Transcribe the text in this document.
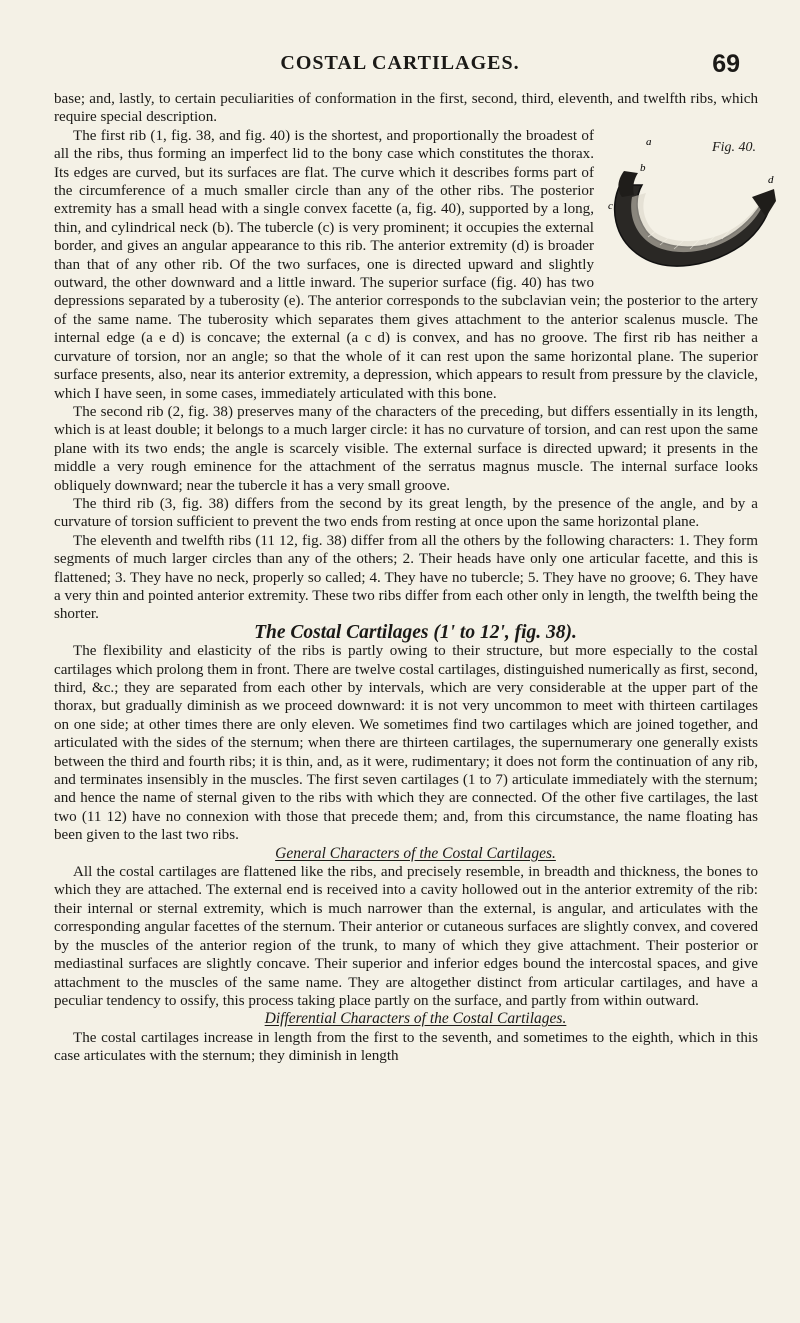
COSTAL CARTILAGES.	69

base; and, lastly, to certain peculiarities of conformation in the first, second, third, eleventh, and twelfth ribs, which require special description.

a
b
c
d
e
Fig. 40.

The first rib (1, fig. 38, and fig. 40) is the shortest, and proportionally the broadest of all the ribs, thus forming an imperfect lid to the bony case which constitutes the thorax. Its edges are curved, but its surfaces are flat. The curve which it describes forms part of the circumference of a much smaller circle than any of the other ribs. The posterior extremity has a small head with a single convex facette (a, fig. 40), supported by a long, thin, and cylindrical neck (b). The tubercle (c) is very prominent; it occupies the external border, and gives an angular appearance to this rib. The anterior extremity (d) is broader than that of any other rib. Of the two surfaces, one is directed upward and slightly outward, the other downward and a little inward. The superior surface (fig. 40) has two depressions separated by a tuberosity (e). The anterior corresponds to the subclavian vein; the posterior to the artery of the same name. The tuberosity which separates them gives attachment to the anterior scalenus muscle. The internal edge (a e d) is concave; the external (a c d) is convex, and has no groove. The first rib has neither a curvature of torsion, nor an angle; so that the whole of it can rest upon the same horizontal plane. The superior surface presents, also, near its anterior extremity, a depression, which appears to result from pressure by the clavicle, which I have seen, in some cases, immediately articulated with this bone.

The second rib (2, fig. 38) preserves many of the characters of the preceding, but differs essentially in its length, which is at least double; it belongs to a much larger circle: it has no curvature of torsion, and can rest upon the same plane with its two ends; the angle is scarcely visible. The external surface is directed upward; it presents in the middle a very rough eminence for the attachment of the serratus magnus muscle. The internal surface looks obliquely downward; near the tubercle it has a very small groove.

The third rib (3, fig. 38) differs from the second by its great length, by the presence of the angle, and by a curvature of torsion sufficient to prevent the two ends from resting at once upon the same horizontal plane.

The eleventh and twelfth ribs (11 12, fig. 38) differ from all the others by the following characters: 1. They form segments of much larger circles than any of the others; 2. Their heads have only one articular facette, and this is flattened; 3. They have no neck, properly so called; 4. They have no tubercle; 5. They have no groove; 6. They have a very thin and pointed anterior extremity. These two ribs differ from each other only in length, the twelfth being the shorter.

The Costal Cartilages (1' to 12', fig. 38).

The flexibility and elasticity of the ribs is partly owing to their structure, but more especially to the costal cartilages which prolong them in front. There are twelve costal cartilages, distinguished numerically as first, second, third, &c.; they are separated from each other by intervals, which are very considerable at the upper part of the thorax, but gradually diminish as we proceed downward: it is not very uncommon to meet with thirteen cartilages on one side; at other times there are only eleven. We sometimes find two cartilages which are joined together, and articulated with the sides of the sternum; when there are thirteen cartilages, the supernumerary one generally exists between the third and fourth ribs; it is thin, and, as it were, rudimentary; it does not form the continuation of any rib, and terminates insensibly in the muscles. The first seven cartilages (1 to 7) articulate immediately with the sternum; and hence the name of sternal given to the ribs with which they are connected. Of the other five cartilages, the last two (11 12) have no connexion with those that precede them; and, from this circumstance, the name floating has been given to the last two ribs.

General Characters of the Costal Cartilages.

All the costal cartilages are flattened like the ribs, and precisely resemble, in breadth and thickness, the bones to which they are attached. The external end is received into a cavity hollowed out in the anterior extremity of the rib: their internal or sternal extremity, which is much narrower than the external, is angular, and articulates with the corresponding angular facettes of the sternum. Their anterior or cutaneous surfaces are slightly convex, and covered by the muscles of the anterior region of the trunk, to many of which they give attachment. Their posterior or mediastinal surfaces are slightly concave. Their superior and inferior edges bound the intercostal spaces, and give attachment to the muscles of the same name. They are altogether distinct from articular cartilages, and have a peculiar tendency to ossify, this process taking place partly on the surface, and partly from within outward.

Differential Characters of the Costal Cartilages.

The costal cartilages increase in length from the first to the seventh, and sometimes to the eighth, which in this case articulates with the sternum; they diminish in length
